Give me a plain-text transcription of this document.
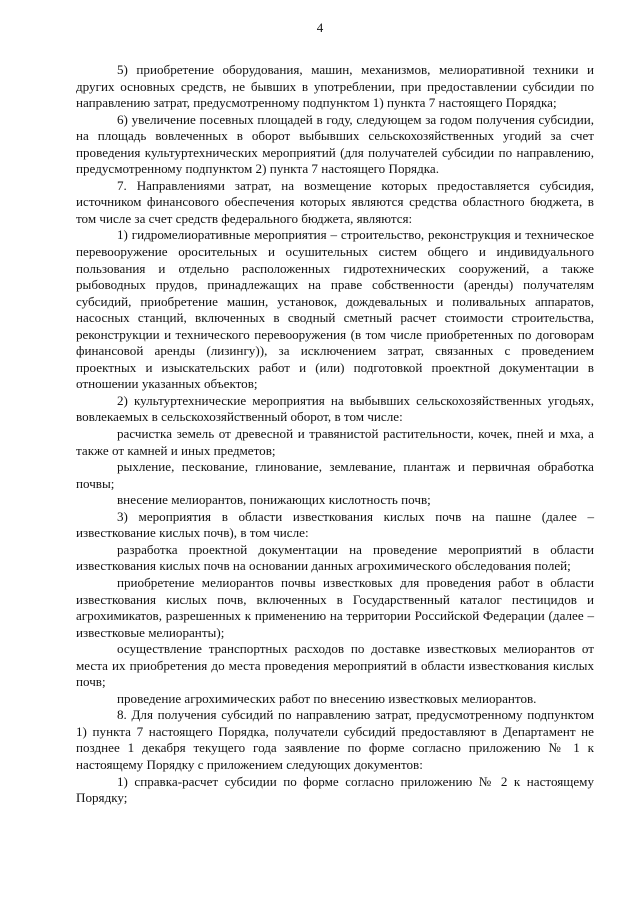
4

5) приобретение оборудования, машин, механизмов, мелиоративной техники и других основных средств, не бывших в употреблении, при предоставлении субсидии по направлению затрат, предусмотренному подпунктом 1) пункта 7 настоящего Порядка;

6) увеличение посевных площадей в году, следующем за годом получения субсидии, на площадь вовлеченных в оборот выбывших сельскохозяйственных угодий за счет проведения культуртехнических мероприятий (для получателей субсидии по направлению, предусмотренному подпунктом 2) пункта 7 настоящего Порядка.

7. Направлениями затрат, на возмещение которых предоставляется субсидия, источником финансового обеспечения которых являются средства областного бюджета, в том числе за счет средств федерального бюджета, являются:

1) гидромелиоративные мероприятия – строительство, реконструкция и техническое перевооружение оросительных и осушительных систем общего и индивидуального пользования и отдельно расположенных гидротехнических сооружений, а также рыбоводных прудов, принадлежащих на праве собственности (аренды) получателям субсидий, приобретение машин, установок, дождевальных и поливальных аппаратов, насосных станций, включенных в сводный сметный расчет стоимости строительства, реконструкции и технического перевооружения (в том числе приобретенных по договорам финансовой аренды (лизингу)), за исключением затрат, связанных с проведением проектных и изыскательских работ и (или) подготовкой проектной документации в отношении указанных объектов;

2) культуртехнические мероприятия на выбывших сельскохозяйственных угодьях, вовлекаемых в сельскохозяйственный оборот, в том числе:

расчистка земель от древесной и травянистой растительности, кочек, пней и мха, а также от камней и иных предметов;

рыхление, пескование, глинование, землевание, плантаж и первичная обработка почвы;

внесение мелиорантов, понижающих кислотность почв;

3) мероприятия в области известкования кислых почв на пашне (далее – известкование кислых почв), в том числе:

разработка проектной документации на проведение мероприятий в области известкования кислых почв на основании данных агрохимического обследования полей;

приобретение мелиорантов почвы известковых для проведения работ в области известкования кислых почв, включенных в Государственный каталог пестицидов и агрохимикатов, разрешенных к применению на территории Российской Федерации (далее – известковые мелиоранты);

осуществление транспортных расходов по доставке известковых мелиорантов от места их приобретения до места проведения мероприятий в области известкования кислых почв;

проведение агрохимических работ по внесению известковых мелиорантов.

8. Для получения субсидий по направлению затрат, предусмотренному подпунктом 1) пункта 7 настоящего Порядка, получатели субсидий предоставляют в Департамент не позднее 1 декабря текущего года заявление по форме согласно приложению № 1 к настоящему Порядку с приложением следующих документов:

1) справка-расчет субсидии по форме согласно приложению № 2 к настоящему Порядку;
